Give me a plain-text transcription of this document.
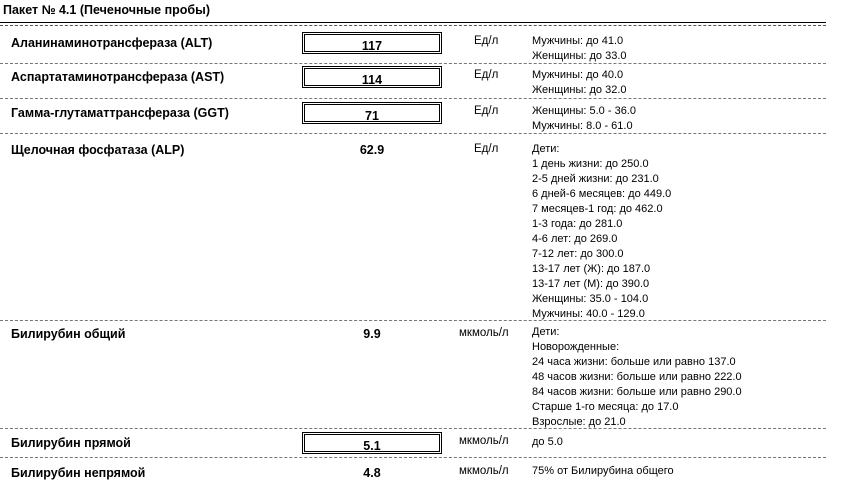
Пакет № 4.1 (Печеночные пробы)
Аланинаминотрансфераза (ALT)	117	Ед/л	Мужчины: до 41.0
Женщины: до 33.0
Аспартатаминотрансфераза (AST)	114	Ед/л	Мужчины: до 40.0
Женщины: до 32.0
Гамма-глутаматтрансфераза (GGT)	71	Ед/л	Женщины: 5.0 - 36.0
Мужчины: 8.0 - 61.0
Щелочная фосфатаза (ALP)	62.9	Ед/л	Дети:
1 день жизни: до 250.0
2-5 дней жизни: до 231.0
6 дней-6 месяцев: до 449.0
7 месяцев-1 год: до 462.0
1-3 года: до 281.0
4-6 лет: до 269.0
7-12 лет: до 300.0
13-17 лет (Ж): до 187.0
13-17 лет (М): до 390.0
Женщины: 35.0 - 104.0
Мужчины: 40.0 - 129.0
Билирубин общий	9.9	мкмоль/л Дети:
Новорожденные:
24 часа жизни: больше или равно 137.0
48 часов жизни: больше или равно 222.0
84 часов жизни: больше или равно 290.0
Старше 1-го месяца: до 17.0
Взрослые: до 21.0
Билирубин прямой	5.1	мкмоль/л до 5.0
Билирубин непрямой	4.8	мкмоль/л 75% от Билирубина общего
